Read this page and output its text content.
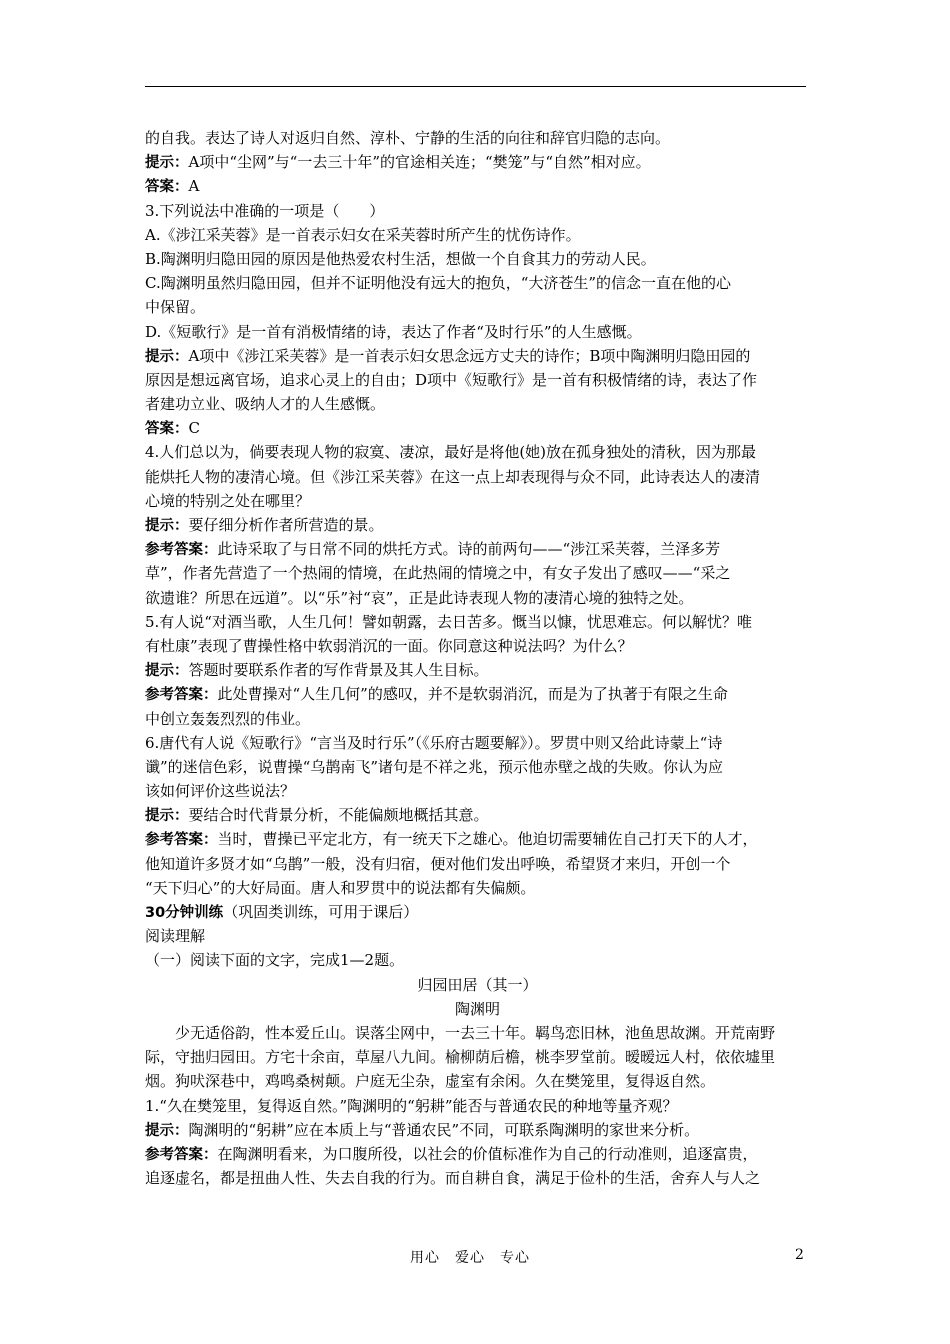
的自我。表达了诗人对返归自然、淳朴、宁静的生活的向往和辞官归隐的志向。
提示：A项中“尘网”与“一去三十年”的官途相关连；“樊笼”与“自然”相对应。
答案：A
3.下列说法中准确的一项是（　　）
A.《涉江采芙蓉》是一首表示妇女在采芙蓉时所产生的忧伤诗作。
B.陶渊明归隐田园的原因是他热爱农村生活，想做一个自食其力的劳动人民。
C.陶渊明虽然归隐田园，但并不证明他没有远大的抱负，“大济苍生”的信念一直在他的心
中保留。
D.《短歌行》是一首有消极情绪的诗，表达了作者“及时行乐”的人生感慨。
提示：A项中《涉江采芙蓉》是一首表示妇女思念远方丈夫的诗作；B项中陶渊明归隐田园的
原因是想远离官场，追求心灵上的自由；D项中《短歌行》是一首有积极情绪的诗，表达了作
者建功立业、吸纳人才的人生感慨。
答案：C
4.人们总以为，倘要表现人物的寂寞、凄凉，最好是将他(她)放在孤身独处的清秋，因为那最
能烘托人物的凄清心境。但《涉江采芙蓉》在这一点上却表现得与众不同，此诗表达人的凄清
心境的特别之处在哪里？
提示：要仔细分析作者所营造的景。
参考答案：此诗采取了与日常不同的烘托方式。诗的前两句——“涉江采芙蓉，兰泽多芳
草”，作者先营造了一个热闹的情境，在此热闹的情境之中，有女子发出了感叹——“采之
欲遗谁？所思在远道”。以“乐”衬“哀”，正是此诗表现人物的凄清心境的独特之处。
5.有人说“对酒当歌，人生几何！譬如朝露，去日苦多。慨当以慷，忧思难忘。何以解忧？唯
有杜康”表现了曹操性格中软弱消沉的一面。你同意这种说法吗？为什么？
提示：答题时要联系作者的写作背景及其人生目标。
参考答案：此处曹操对“人生几何”的感叹，并不是软弱消沉，而是为了执著于有限之生命
中创立轰轰烈烈的伟业。
6.唐代有人说《短歌行》“言当及时行乐”（《乐府古题要解》）。罗贯中则又给此诗蒙上“诗
谶”的迷信色彩，说曹操“乌鹊南飞”诸句是不祥之兆，预示他赤壁之战的失败。你认为应
该如何评价这些说法？
提示：要结合时代背景分析，不能偏颇地概括其意。
参考答案：当时，曹操已平定北方，有一统天下之雄心。他迫切需要辅佐自己打天下的人才，
他知道许多贤才如“乌鹊”一般，没有归宿，便对他们发出呼唤，希望贤才来归，开创一个
“天下归心”的大好局面。唐人和罗贯中的说法都有失偏颇。
30分钟训练（巩固类训练，可用于课后）
阅读理解
（一）阅读下面的文字，完成1—2题。
归园田居（其一）
陶渊明
少无适俗韵，性本爱丘山。误落尘网中，一去三十年。羁鸟恋旧林，池鱼思故渊。开荒南野
际，守拙归园田。方宅十余亩，草屋八九间。榆柳荫后檐，桃李罗堂前。暧暧远人村，依依墟里
烟。狗吠深巷中，鸡鸣桑树颠。户庭无尘杂，虚室有余闲。久在樊笼里，复得返自然。
1.“久在樊笼里，复得返自然。”陶渊明的“躬耕”能否与普通农民的种地等量齐观？
提示：陶渊明的“躬耕”应在本质上与“普通农民”不同，可联系陶渊明的家世来分析。
参考答案：在陶渊明看来，为口腹所役，以社会的价值标准作为自己的行动准则，追逐富贵，
追逐虚名，都是扭曲人性、失去自我的行为。而自耕自食，满足于俭朴的生活，舍弃人与人之
用心　爱心　专心	2
